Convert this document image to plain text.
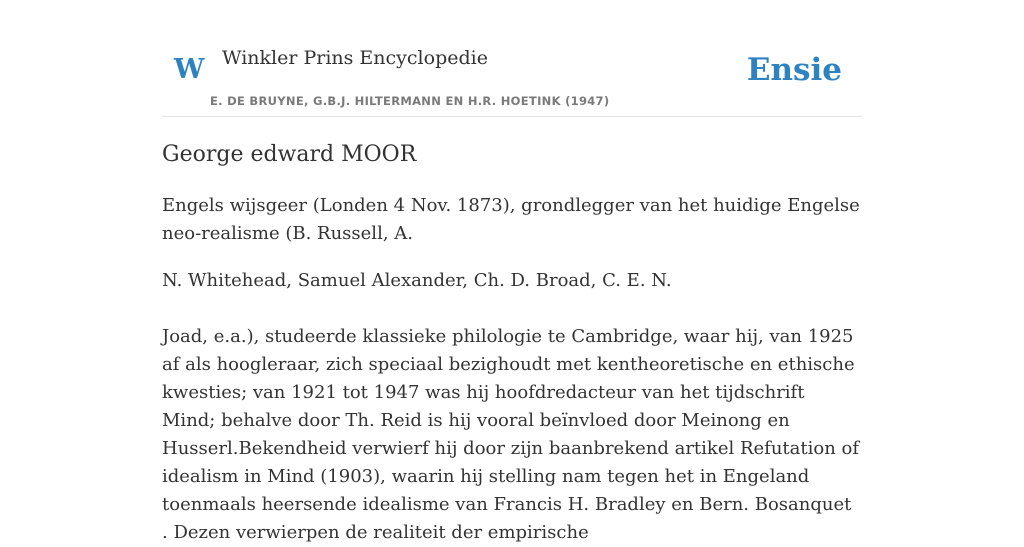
W Winkler Prins Encyclopedie
E. DE BRUYNE, G.B.J. HILTERMANN EN H.R. HOETINK (1947)
Ensie
George edward MOOR

Engels wijsgeer (Londen 4 Nov. 1873), grondlegger van het huidige Engelse neo-realisme (B. Russell, A.

N. Whitehead, Samuel Alexander, Ch. D. Broad, C. E. N.

Joad, e.a.), studeerde klassieke philologie te Cambridge, waar hij, van 1925 af als hoogleraar, zich speciaal bezighoudt met kentheoretische en ethische kwesties; van 1921 tot 1947 was hij hoofdredacteur van het tijdschrift Mind; behalve door Th. Reid is hij vooral beïnvloed door Meinong en Husserl.Bekendheid verwierf hij door zijn baanbrekend artikel Refutation of idealism in Mind (1903), waarin hij stelling nam tegen het in Engeland toenmaals heersende idealisme van Francis H. Bradley en Bern. Bosanquet . Dezen verwierpen de realiteit der empirische
